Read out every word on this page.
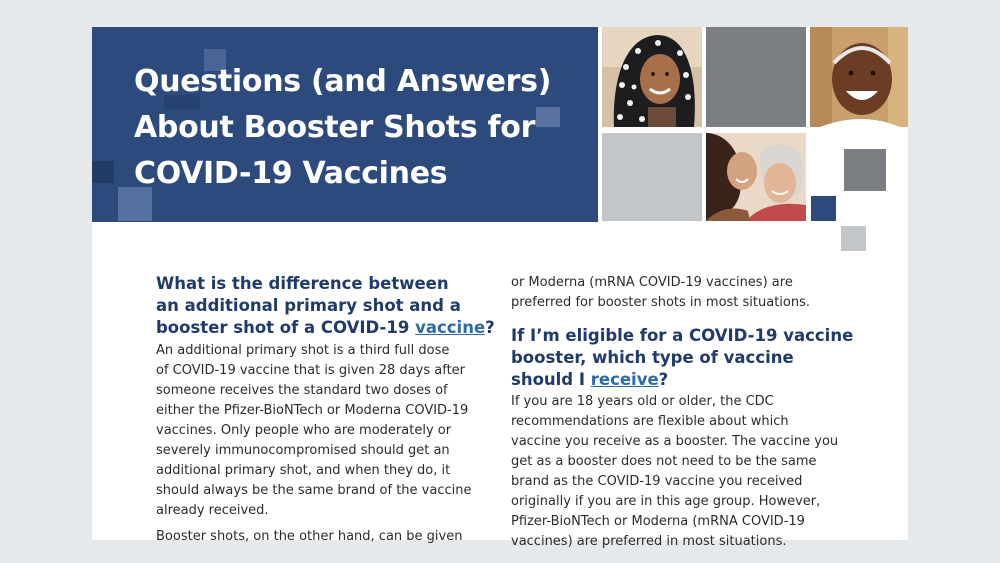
Questions (and Answers)
About Booster Shots for
COVID-19 Vaccines
What is the difference between
an additional primary shot and a
booster shot of a COVID-19 vaccine?

An additional primary shot is a third full dose
of COVID-19 vaccine that is given 28 days after
someone receives the standard two doses of
either the Pfizer-BioNTech or Moderna COVID-19
vaccines. Only people who are moderately or
severely immunocompromised should get an
additional primary shot, and when they do, it
should always be the same brand of the vaccine
already received.

Booster shots, on the other hand, can be given

or Moderna (mRNA COVID-19 vaccines) are
preferred for booster shots in most situations.

If I’m eligible for a COVID-19 vaccine
booster, which type of vaccine
should I receive?

If you are 18 years old or older, the CDC
recommendations are flexible about which
vaccine you receive as a booster. The vaccine you
get as a booster does not need to be the same
brand as the COVID-19 vaccine you received
originally if you are in this age group. However,
Pfizer-BioNTech or Moderna (mRNA COVID-19
vaccines) are preferred in most situations.
